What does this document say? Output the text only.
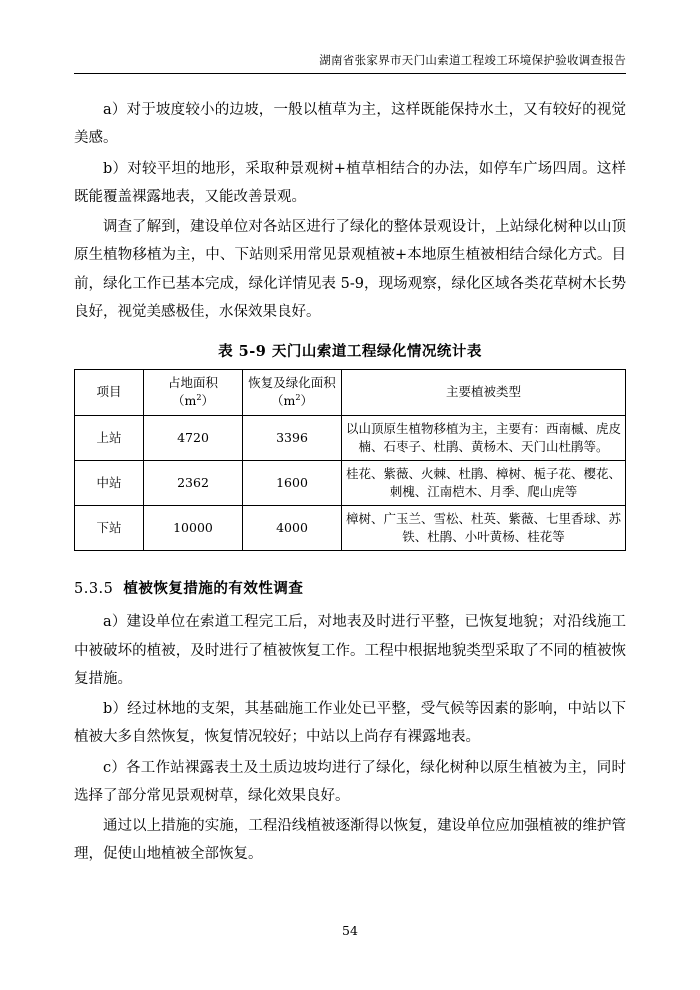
湖南省张家界市天门山索道工程竣工环境保护验收调查报告

a）对于坡度较小的边坡，一般以植草为主，这样既能保持水土，又有较好的视觉美感。

b）对较平坦的地形，采取种景观树+植草相结合的办法，如停车广场四周。这样既能覆盖裸露地表，又能改善景观。

调查了解到，建设单位对各站区进行了绿化的整体景观设计，上站绿化树种以山顶原生植物移植为主，中、下站则采用常见景观植被+本地原生植被相结合绿化方式。目前，绿化工作已基本完成，绿化详情见表 5-9，现场观察，绿化区域各类花草树木长势良好，视觉美感极佳，水保效果良好。

表 5-9 天门山索道工程绿化情况统计表
项目	占地面积$(m^2)$	恢复及绿化面积$(m^2)$	主要植被类型
上站	4720	3396	以山顶原生植物移植为主，主要有：西南槭、虎皮楠、石枣子、杜鹃、黄杨木、天门山杜鹃等。
中站	2362	1600	桂花、紫薇、火棘、杜鹃、樟树、栀子花、樱花、刺槐、江南桤木、月季、爬山虎等
下站	10000	4000	樟树、广玉兰、雪松、杜英、紫薇、七里香球、苏铁、杜鹃、小叶黄杨、桂花等
5.3.5 植被恢复措施的有效性调查

a）建设单位在索道工程完工后，对地表及时进行平整，已恢复地貌；对沿线施工中被破坏的植被，及时进行了植被恢复工作。工程中根据地貌类型采取了不同的植被恢复措施。

b）经过林地的支架，其基础施工作业处已平整，受气候等因素的影响，中站以下植被大多自然恢复，恢复情况较好；中站以上尚存有裸露地表。

c）各工作站裸露表土及土质边坡均进行了绿化，绿化树种以原生植被为主，同时选择了部分常见景观树草，绿化效果良好。

通过以上措施的实施，工程沿线植被逐渐得以恢复，建设单位应加强植被的维护管理，促使山地植被全部恢复。

54
